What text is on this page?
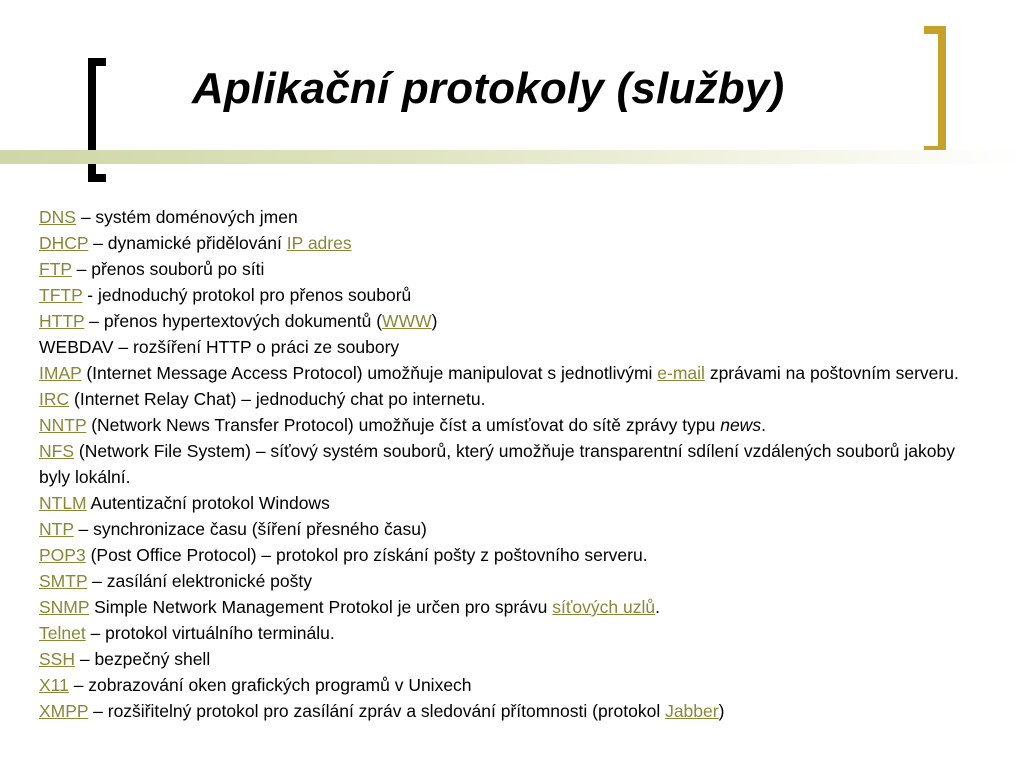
Aplikační protokoly (služby)
DNS – systém doménových jmen
DHCP – dynamické přidělování IP adres
FTP – přenos souborů po síti
TFTP - jednoduchý protokol pro přenos souborů
HTTP – přenos hypertextových dokumentů (WWW)
WEBDAV – rozšíření HTTP o práci ze soubory
IMAP (Internet Message Access Protocol) umožňuje manipulovat s jednotlivými e-mail zprávami na poštovním serveru.
IRC (Internet Relay Chat) – jednoduchý chat po internetu.
NNTP (Network News Transfer Protocol) umožňuje číst a umísťovat do sítě zprávy typu news.
NFS (Network File System) – síťový systém souborů, který umožňuje transparentní sdílení vzdálených souborů jakoby byly lokální.
NTLM Autentizační protokol Windows
NTP – synchronizace času (šíření přesného času)
POP3 (Post Office Protocol) – protokol pro získání pošty z poštovního serveru.
SMTP – zasílání elektronické pošty
SNMP Simple Network Management Protokol je určen pro správu síťových uzlů.
Telnet – protokol virtuálního terminálu.
SSH – bezpečný shell
X11 – zobrazování oken grafických programů v Unixech
XMPP – rozšiřitelný protokol pro zasílání zpráv a sledování přítomnosti (protokol Jabber)
